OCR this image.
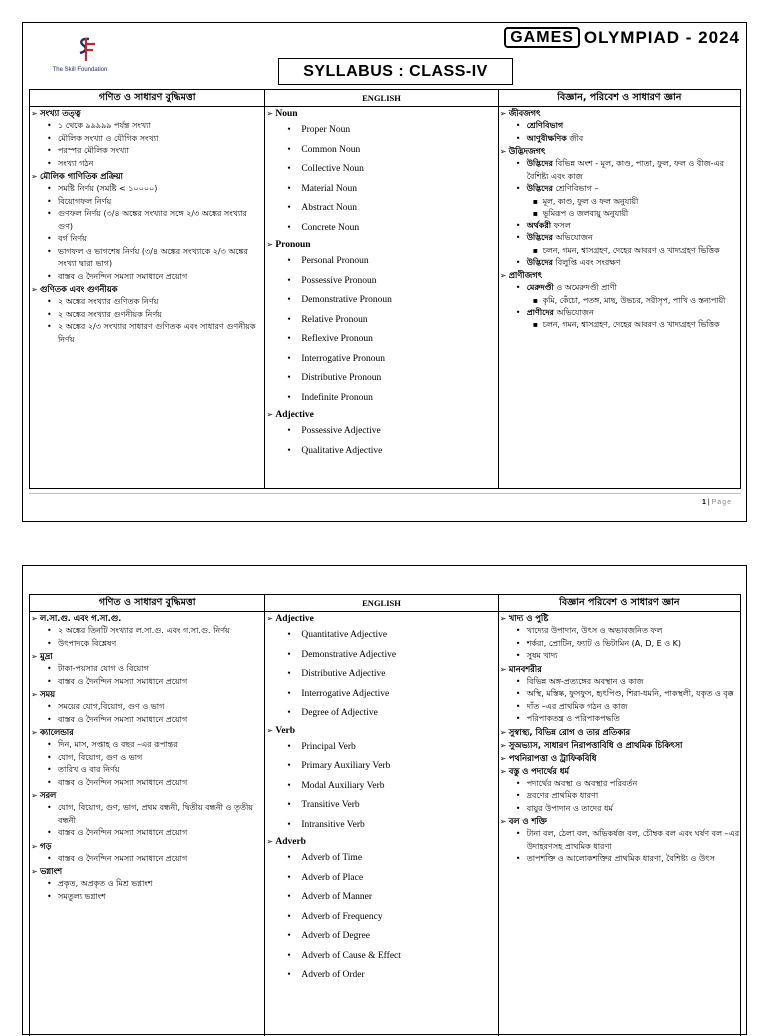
The Skill Foundation
GAMES OLYMPIAD - 2024
SYLLABUS : CLASS-IV
গণিত ও সাধারণ বুদ্ধিমত্তা
➢ সংখ্যা তত্ত্ব
• ১ থেকে ৯৯৯৯৯ পর্যন্ত সংখ্যা
• মৌলিক সংখ্যা ও যৌগিক সংখ্যা
• পরস্পর মৌলিক সংখ্যা
• সংখ্যা গঠন
➢ মৌলিক গাণিতিক প্রক্রিয়া
• সমষ্টি নির্ণয় (সমষ্টি < ১০০০০)
• বিয়োগফল নির্ণয়
• গুণফল নির্ণয় (৩/৪ অঙ্কের সংখ্যার সঙ্গে ২/৩ অঙ্কের সংখ্যার গুণ)
• বর্গ নির্ণয়
• ভাগফল ও ভাগশেষ নির্ণয় (৩/৪ অঙ্কের সংখ্যাকে ২/৩ অঙ্কের সংখ্যা দ্বারা ভাগ)
• বাস্তব ও দৈনন্দিন সমস্যা সমাধানে প্রয়োগ
➢ গুণিতক এবং গুণনীয়ক
• ২ অঙ্কের সংখ্যার গুণিতক নির্ণয়
• ২ অঙ্কের সংখ্যার গুণনীয়ক নির্ণয়
• ২ অঙ্কের ২/৩ সংখ্যার সাধারণ গুণিতক এবং সাধারণ গুণনীয়ক নির্ণয়
ENGLISH
➢ Noun
• Proper Noun
• Common Noun
• Collective Noun
• Material Noun
• Abstract Noun
• Concrete Noun
➢ Pronoun
• Personal Pronoun
• Possessive Pronoun
• Demonstrative Pronoun
• Relative Pronoun
• Reflexive Pronoun
• Interrogative Pronoun
• Distributive Pronoun
• Indefinite Pronoun
➢ Adjective
• Possessive Adjective
• Qualitative Adjective
বিজ্ঞান, পরিবেশ ও সাধারণ জ্ঞান
➢ জীবজগৎ
• শ্রেণিবিভাগ
• আণুবীক্ষণিক জীব
➢ উদ্ভিদজগৎ
• উদ্ভিদের বিভিন্ন অংশ - মূল, কাণ্ড, পাতা, ফুল, ফল ও বীজ-এর বৈশিষ্ট্য এবং কাজ
• উদ্ভিদের শ্রেণিবিভাগ –
▪ মূল, কাণ্ড, ফুল ও ফল অনুযায়ী
▪ ভূমিরূপ ও জলবায়ু অনুযায়ী
• অর্থকরী ফসল
• উদ্ভিদের অভিযোজন
▪ চলন, গমন, শ্বাসগ্রহণ, দেহের আবরণ ও খাদ্যগ্রহণ ভিত্তিক
• উদ্ভিদের বিলুপ্তি এবং সংরক্ষণ
➢ প্রাণীজগৎ
• মেরুদণ্ডী ও অমেরুদণ্ডী প্রাণী
▪ কৃমি, কেঁচো, পতঙ্গ, মাছ, উভচর, সরীসৃপ, পাখি ও স্তন্যপায়ী
• প্রাণীদের অভিযোজন
▪ চলন, গমন, শ্বাসগ্রহণ, দেহের আবরণ ও খাদ্যগ্রহণ ভিত্তিক
1 | Page
গণিত ও সাধারণ বুদ্ধিমত্তা
➢ ল.সা.গু. এবং গ.সা.গু.
• ২ অঙ্কের তিনটি সংখ্যার ল.সা.গু. এবং গ.সা.গু. নির্ণয়
• উৎপাদকে বিশ্লেষণ
➢ মুদ্রা
• টাকা-পয়সার যোগ ও বিয়োগ
• বাস্তব ও দৈনন্দিন সমস্যা সমাধানে প্রয়োগ
➢ সময়
• সময়ের যোগ,বিয়োগ, গুণ ও ভাগ
• বাস্তব ও দৈনন্দিন সমস্যা সমাধানে প্রয়োগ
➢ ক্যালেন্ডার
• দিন, মাস, সপ্তাহ ও বছর –এর রূপান্তর
• যোগ, বিয়োগ, গুণ ও ভাগ
• তারিখ ও বার নির্ণয়
• বাস্তব ও দৈনন্দিন সমস্যা সমাধানে প্রয়োগ
➢ সরল
• যোগ, বিয়োগ, গুণ, ভাগ, প্রথম বন্ধনী, দ্বিতীয় বন্ধনী ও তৃতীয় বন্ধনী
• বাস্তব ও দৈনন্দিন সমস্যা সমাধানে প্রয়োগ
➢ গড়
• বাস্তব ও দৈনন্দিন সমস্যা সমাধানে প্রয়োগ
➢ ভগ্নাংশ
• প্রকৃত, অপ্রকৃত ও মিশ্র ভগ্নাংশ
• সমতুল্য ভগ্নাংশ
ENGLISH
➢ Adjective
• Quantitative Adjective
• Demonstrative Adjective
• Distributive Adjective
• Interrogative Adjective
• Degree of Adjective
➢ Verb
• Principal Verb
• Primary Auxiliary Verb
• Modal Auxiliary Verb
• Transitive Verb
• Intransitive Verb
➢ Adverb
• Adverb of Time
• Adverb of Place
• Adverb of Manner
• Adverb of Frequency
• Adverb of Degree
• Adverb of Cause & Effect
• Adverb of Order
বিজ্ঞান পরিবেশ ও সাধারণ জ্ঞান
➢ খাদ্য ও পুষ্টি
• খাদ্যের উপাদান, উৎস ও অভাবজনিত ফল
• শর্করা, প্রোটিন, ফ্যাট ও ভিটামিন (A, D, E ও K)
• সুষম খাদ্য
➢ মানবশরীর
• বিভিন্ন অঙ্গ-প্রত্যঙ্গের অবস্থান ও কাজ
• অস্থি, মস্তিষ্ক, ফুসফুস, হৃৎপিণ্ড, শিরা-ধমনি, পাকস্থলী, যকৃত ও বৃক্ক
• দাঁত –এর প্রাথমিক গঠন ও কাজ
• পরিপাকতন্ত্র ও পরিপাকপদ্ধতি
➢ সুস্বাস্থ্য, বিভিন্ন রোগ ও তার প্রতিকার
➢ সুঅভ্যাস, সাধারণ নিরাপত্তাবিধি ও প্রাথমিক চিকিৎসা
➢ পথনিরাপত্তা ও ট্রাফিকবিধি
➢ বস্তু ও পদার্থের ধর্ম
• পদার্থের অবস্থা ও অবস্থার পরিবর্তন
• দ্রবণের প্রাথমিক ধারণা
• বায়ুর উপাদান ও তাদের ধর্ম
➢ বল ও শক্তি
• টানা বল, ঠেলা বল, অভিকর্ষজ বল, চৌম্বক বল এবং ঘর্ষণ বল –এর উদাহরণসহ প্রাথমিক ধারণা
• তাপশক্তি ও আলোকশক্তির প্রাথমিক ধারণা, বৈশিষ্ট্য ও উৎস
